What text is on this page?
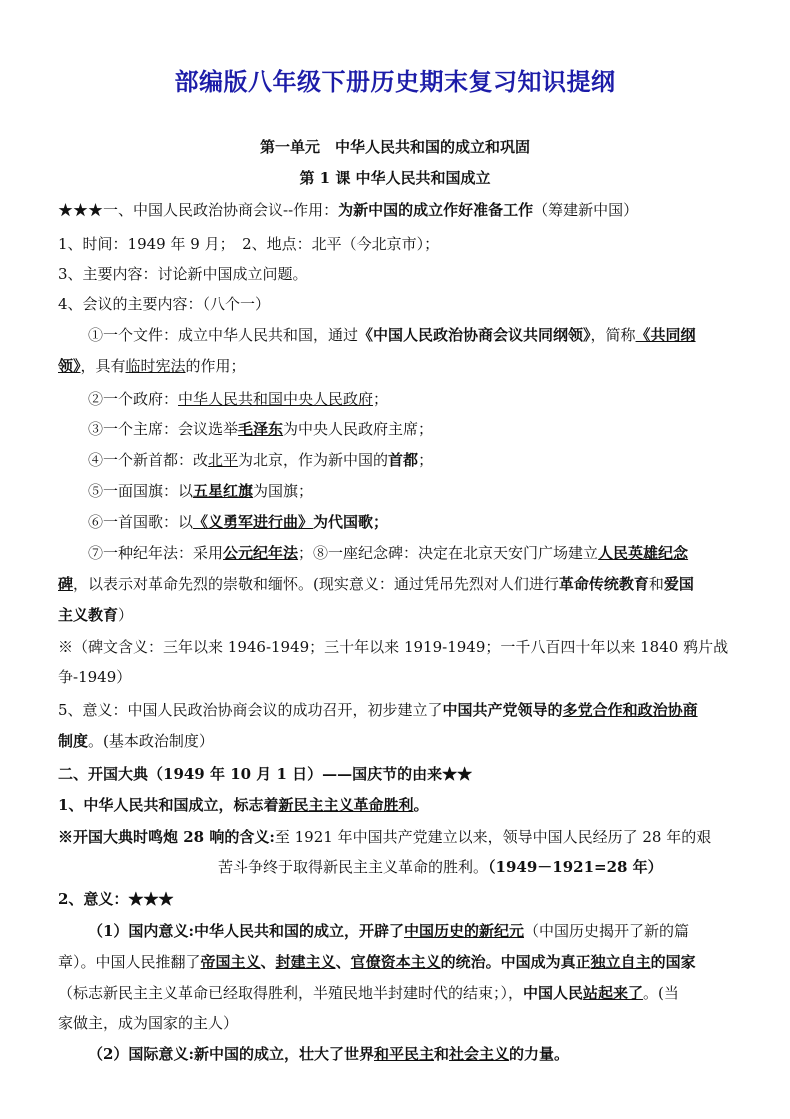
部编版八年级下册历史期末复习知识提纲
第一单元　中华人民共和国的成立和巩固
第 1 课 中华人民共和国成立
★★★一、中国人民政治协商会议--作用：为新中国的成立作好准备工作（筹建新中国）
1、时间：1949 年 9 月；　2、地点：北平（今北京市）；
3、主要内容：讨论新中国成立问题。
4、会议的主要内容：（八个一）
①一个文件：成立中华人民共和国，通过《中国人民政治协商会议共同纲领》，简称《共同纲
领》，具有临时宪法的作用；
②一个政府：中华人民共和国中央人民政府；
③一个主席：会议选举毛泽东为中央人民政府主席；
④一个新首都：改北平为北京，作为新中国的首都；
⑤一面国旗：以五星红旗为国旗；
⑥一首国歌：以《义勇军进行曲》为代国歌；
⑦一种纪年法：采用公元纪年法；⑧一座纪念碑：决定在北京天安门广场建立人民英雄纪念
碑，以表示对革命先烈的崇敬和缅怀。(现实意义：通过凭吊先烈对人们进行革命传统教育和爱国
主义教育）
※（碑文含义：三年以来 1946-1949；三十年以来 1919-1949；一千八百四十年以来 1840 鸦片战
争-1949）
5、意义：中国人民政治协商会议的成功召开，初步建立了中国共产党领导的多党合作和政治协商
制度。(基本政治制度）
二、开国大典（1949 年 10 月 1 日）——国庆节的由来★★
1、中华人民共和国成立，标志着新民主主义革命胜利。
※开国大典时鸣炮 28 响的含义:至 1921 年中国共产党建立以来，领导中国人民经历了 28 年的艰
苦斗争终于取得新民主主义革命的胜利。（1949－1921=28 年）
2、意义：★★★
（1）国内意义:中华人民共和国的成立，开辟了中国历史的新纪元（中国历史揭开了新的篇
章）。中国人民推翻了帝国主义、封建主义、官僚资本主义的统治。中国成为真正独立自主的国家
（标志新民主主义革命已经取得胜利，半殖民地半封建时代的结束；），中国人民站起来了。(当
家做主，成为国家的主人）
（2）国际意义:新中国的成立，壮大了世界和平民主和社会主义的力量。
